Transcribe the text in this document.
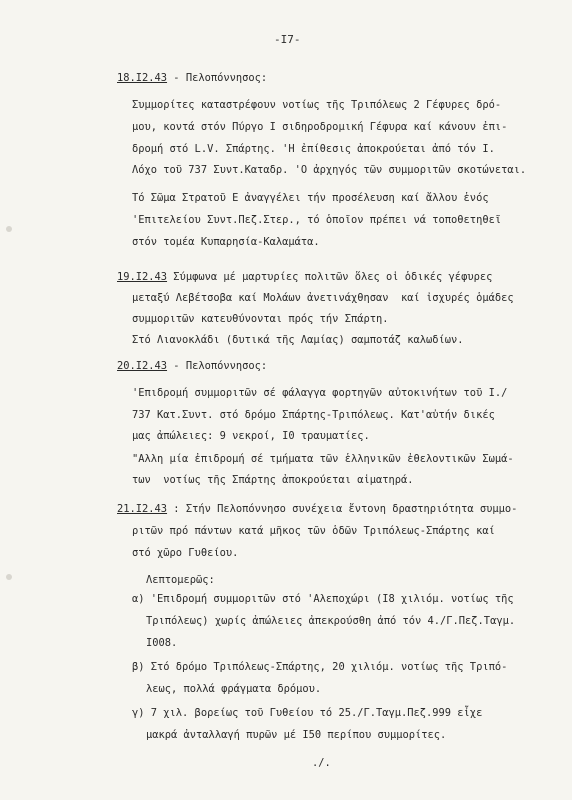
-I7-
18.I2.43 - Πελοπόννησος:
Συμμορίτες καταστρέφουν νοτίως τῆς Τριπόλεως 2 Γέφυρες δρό-
μου, κοντά στόν Πύργο Ι σιδηροδρομική Γέφυρα καί κάνουν ἐπι-
δρομή στό L.V. Σπάρτης. 'Η ἐπίθεσις ἀποκρούεται ἀπό τόν Ι.
Λόχο τοῦ 737 Συντ.Καταδρ. 'Ο ἀρχηγός τῶν συμμοριτῶν σκοτώνεται.
Τό Σῶμα Στρατοῦ Ε ἀναγγέλει τήν προσέλευση καί ἄλλου ἑνός
'Επιτελείου Συντ.Πεζ.Στερ., τό ὁποῖον πρέπει νά τοποθετηθεῖ
στόν τομέα Κυπαρησία-Καλαμάτα.
19.I2.43 Σύμφωνα μέ μαρτυρίες πολιτῶν ὅλες οἱ ὁδικές γέφυρες
μεταξύ Λεβέτσοβα καί Μολάων ἀνετινάχθησαν  καί ἰσχυρές ὁμάδες
συμμοριτῶν κατευθύνονται πρός τήν Σπάρτη.
Στό Λιανοκλάδι (δυτικά τῆς Λαμίας) σαμποτάζ καλωδίων.
20.I2.43 - Πελοπόννησος:
'Επιδρομή συμμοριτῶν σέ φάλαγγα φορτηγῶν αὐτοκινήτων τοῦ Ι./
737 Κατ.Συντ. στό δρόμο Σπάρτης-Τριπόλεως. Κατ'αὐτήν δικές
μας ἀπώλειες: 9 νεκροί, Ι0 τραυματίες.
"Αλλη μία ἐπιδρομή σέ τμήματα τῶν ἑλληνικῶν ἐθελοντικῶν Σωμά-
των  νοτίως τῆς Σπάρτης ἀποκρούεται αἱματηρά.
21.I2.43 : Στήν Πελοπόννησο συνέχεια ἔντονη δραστηριότητα συμμο-
ριτῶν πρό πάντων κατά μῆκος τῶν ὁδῶν Τριπόλεως-Σπάρτης καί
στό χῶρο Γυθείου.
Λεπτομερῶς:
α) 'Επιδρομή συμμοριτῶν στό 'Αλεποχώρι (Ι8 χιλιόμ. νοτίως τῆς
Τριπόλεως) χωρίς ἀπώλειες ἀπεκρούσθη ἀπό τόν 4./Γ.Πεζ.Ταγμ.
I008.
β) Στό δρόμο Τριπόλεως-Σπάρτης, 20 χιλιόμ. νοτίως τῆς Τριπό-
λεως, πολλά φράγματα δρόμου.
γ) 7 χιλ. βορείως τοῦ Γυθείου τό 25./Γ.Ταγμ.Πεζ.999 εἶχε
μακρά ἀνταλλαγή πυρῶν μέ I50 περίπου συμμορίτες.
./.
